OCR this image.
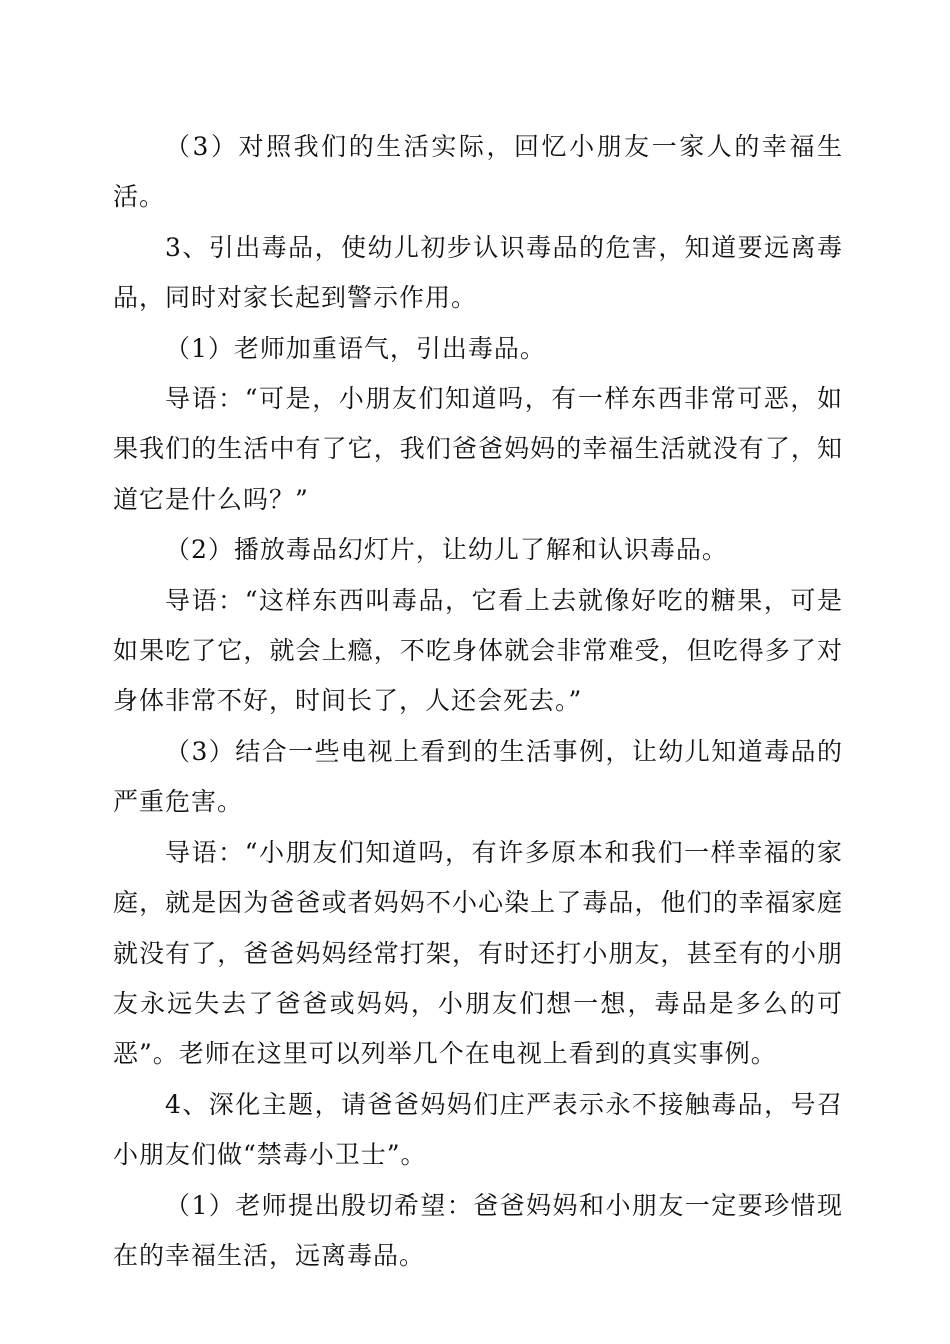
（3）对照我们的生活实际，回忆小朋友一家人的幸福生活。

3、引出毒品，使幼儿初步认识毒品的危害，知道要远离毒品，同时对家长起到警示作用。

（1）老师加重语气，引出毒品。

导语：“可是，小朋友们知道吗，有一样东西非常可恶，如果我们的生活中有了它，我们爸爸妈妈的幸福生活就没有了，知道它是什么吗？”

（2）播放毒品幻灯片，让幼儿了解和认识毒品。

导语：“这样东西叫毒品，它看上去就像好吃的糖果，可是如果吃了它，就会上瘾，不吃身体就会非常难受，但吃得多了对身体非常不好，时间长了，人还会死去。”

（3）结合一些电视上看到的生活事例，让幼儿知道毒品的严重危害。

导语：“小朋友们知道吗，有许多原本和我们一样幸福的家庭，就是因为爸爸或者妈妈不小心染上了毒品，他们的幸福家庭就没有了，爸爸妈妈经常打架，有时还打小朋友，甚至有的小朋友永远失去了爸爸或妈妈，小朋友们想一想，毒品是多么的可恶”。老师在这里可以列举几个在电视上看到的真实事例。

4、深化主题，请爸爸妈妈们庄严表示永不接触毒品，号召小朋友们做“禁毒小卫士”。

（1）老师提出殷切希望：爸爸妈妈和小朋友一定要珍惜现在的幸福生活，远离毒品。
